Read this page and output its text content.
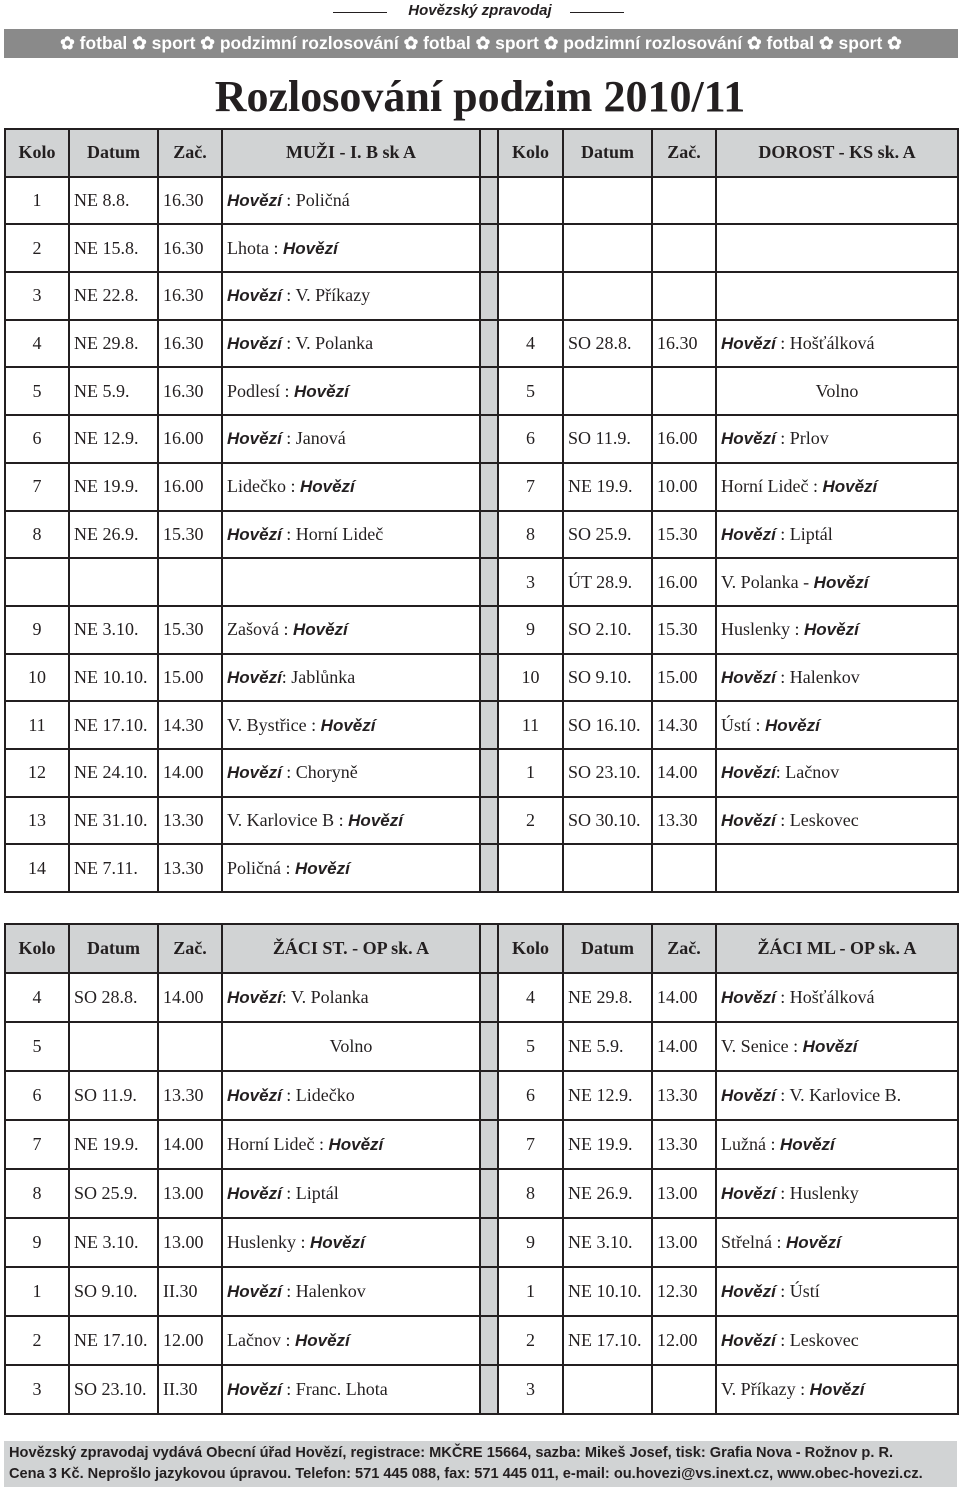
Hovězský zpravodaj
✿ fotbal ✿ sport ✿ podzimní rozlosování ✿ fotbal ✿ sport ✿ podzimní rozlosování ✿ fotbal ✿ sport ✿
Rozlosování podzim 2010/11
Kolo	Datum	Zač.	MUŽI - I. B sk A		Kolo	Datum	Zač.	DOROST - KS sk. A
1	NE 8.8.	16.30	Hovězí : Poličná					
2	NE 15.8.	16.30	Lhota : Hovězí					
3	NE 22.8.	16.30	Hovězí : V. Příkazy					
4	NE 29.8.	16.30	Hovězí : V. Polanka		4	SO 28.8.	16.30	Hovězí : Hošťálková
5	NE 5.9.	16.30	Podlesí : Hovězí		5			Volno
6	NE 12.9.	16.00	Hovězí : Janová		6	SO 11.9.	16.00	Hovězí : Prlov
7	NE 19.9.	16.00	Lidečko : Hovězí		7	NE 19.9.	10.00	Horní Lideč : Hovězí
8	NE 26.9.	15.30	Hovězí : Horní Lideč		8	SO 25.9.	15.30	Hovězí : Liptál
					3	ÚT 28.9.	16.00	V. Polanka - Hovězí
9	NE 3.10.	15.30	Zašová : Hovězí		9	SO 2.10.	15.30	Huslenky : Hovězí
10	NE 10.10.	15.00	Hovězí: Jablůnka		10	SO 9.10.	15.00	Hovězí : Halenkov
11	NE 17.10.	14.30	V. Bystřice : Hovězí		11	SO 16.10.	14.30	Ústí : Hovězí
12	NE 24.10.	14.00	Hovězí : Choryně		1	SO 23.10.	14.00	Hovězí: Lačnov
13	NE 31.10.	13.30	V. Karlovice B : Hovězí		2	SO 30.10.	13.30	Hovězí : Leskovec
14	NE 7.11.	13.30	Poličná : Hovězí					
Kolo	Datum	Zač.	ŽÁCI ST. - OP sk. A		Kolo	Datum	Zač.	ŽÁCI ML - OP sk. A
4	SO 28.8.	14.00	Hovězí: V. Polanka		4	NE 29.8.	14.00	Hovězí : Hošťálková
5			Volno		5	NE 5.9.	14.00	V. Senice : Hovězí
6	SO 11.9.	13.30	Hovězí : Lidečko		6	NE 12.9.	13.30	Hovězí : V. Karlovice B.
7	NE 19.9.	14.00	Horní Lideč : Hovězí		7	NE 19.9.	13.30	Lužná : Hovězí
8	SO 25.9.	13.00	Hovězí : Liptál		8	NE 26.9.	13.00	Hovězí : Huslenky
9	NE 3.10.	13.00	Huslenky : Hovězí		9	NE 3.10.	13.00	Střelná : Hovězí
1	SO 9.10.	II.30	Hovězí : Halenkov		1	NE 10.10.	12.30	Hovězí : Ústí
2	NE 17.10.	12.00	Lačnov : Hovězí		2	NE 17.10.	12.00	Hovězí : Leskovec
3	SO 23.10.	II.30	Hovězí : Franc. Lhota		3			V. Příkazy : Hovězí
Hovězský zpravodaj vydává Obecní úřad Hovězí, registrace: MKČRE 15664, sazba: Mikeš Josef, tisk: Grafia Nova - Rožnov p. R.
Cena 3 Kč. Neprošlo jazykovou úpravou. Telefon: 571 445 088, fax: 571 445 011, e-mail: ou.hovezi@vs.inext.cz, www.obec-hovezi.cz.
